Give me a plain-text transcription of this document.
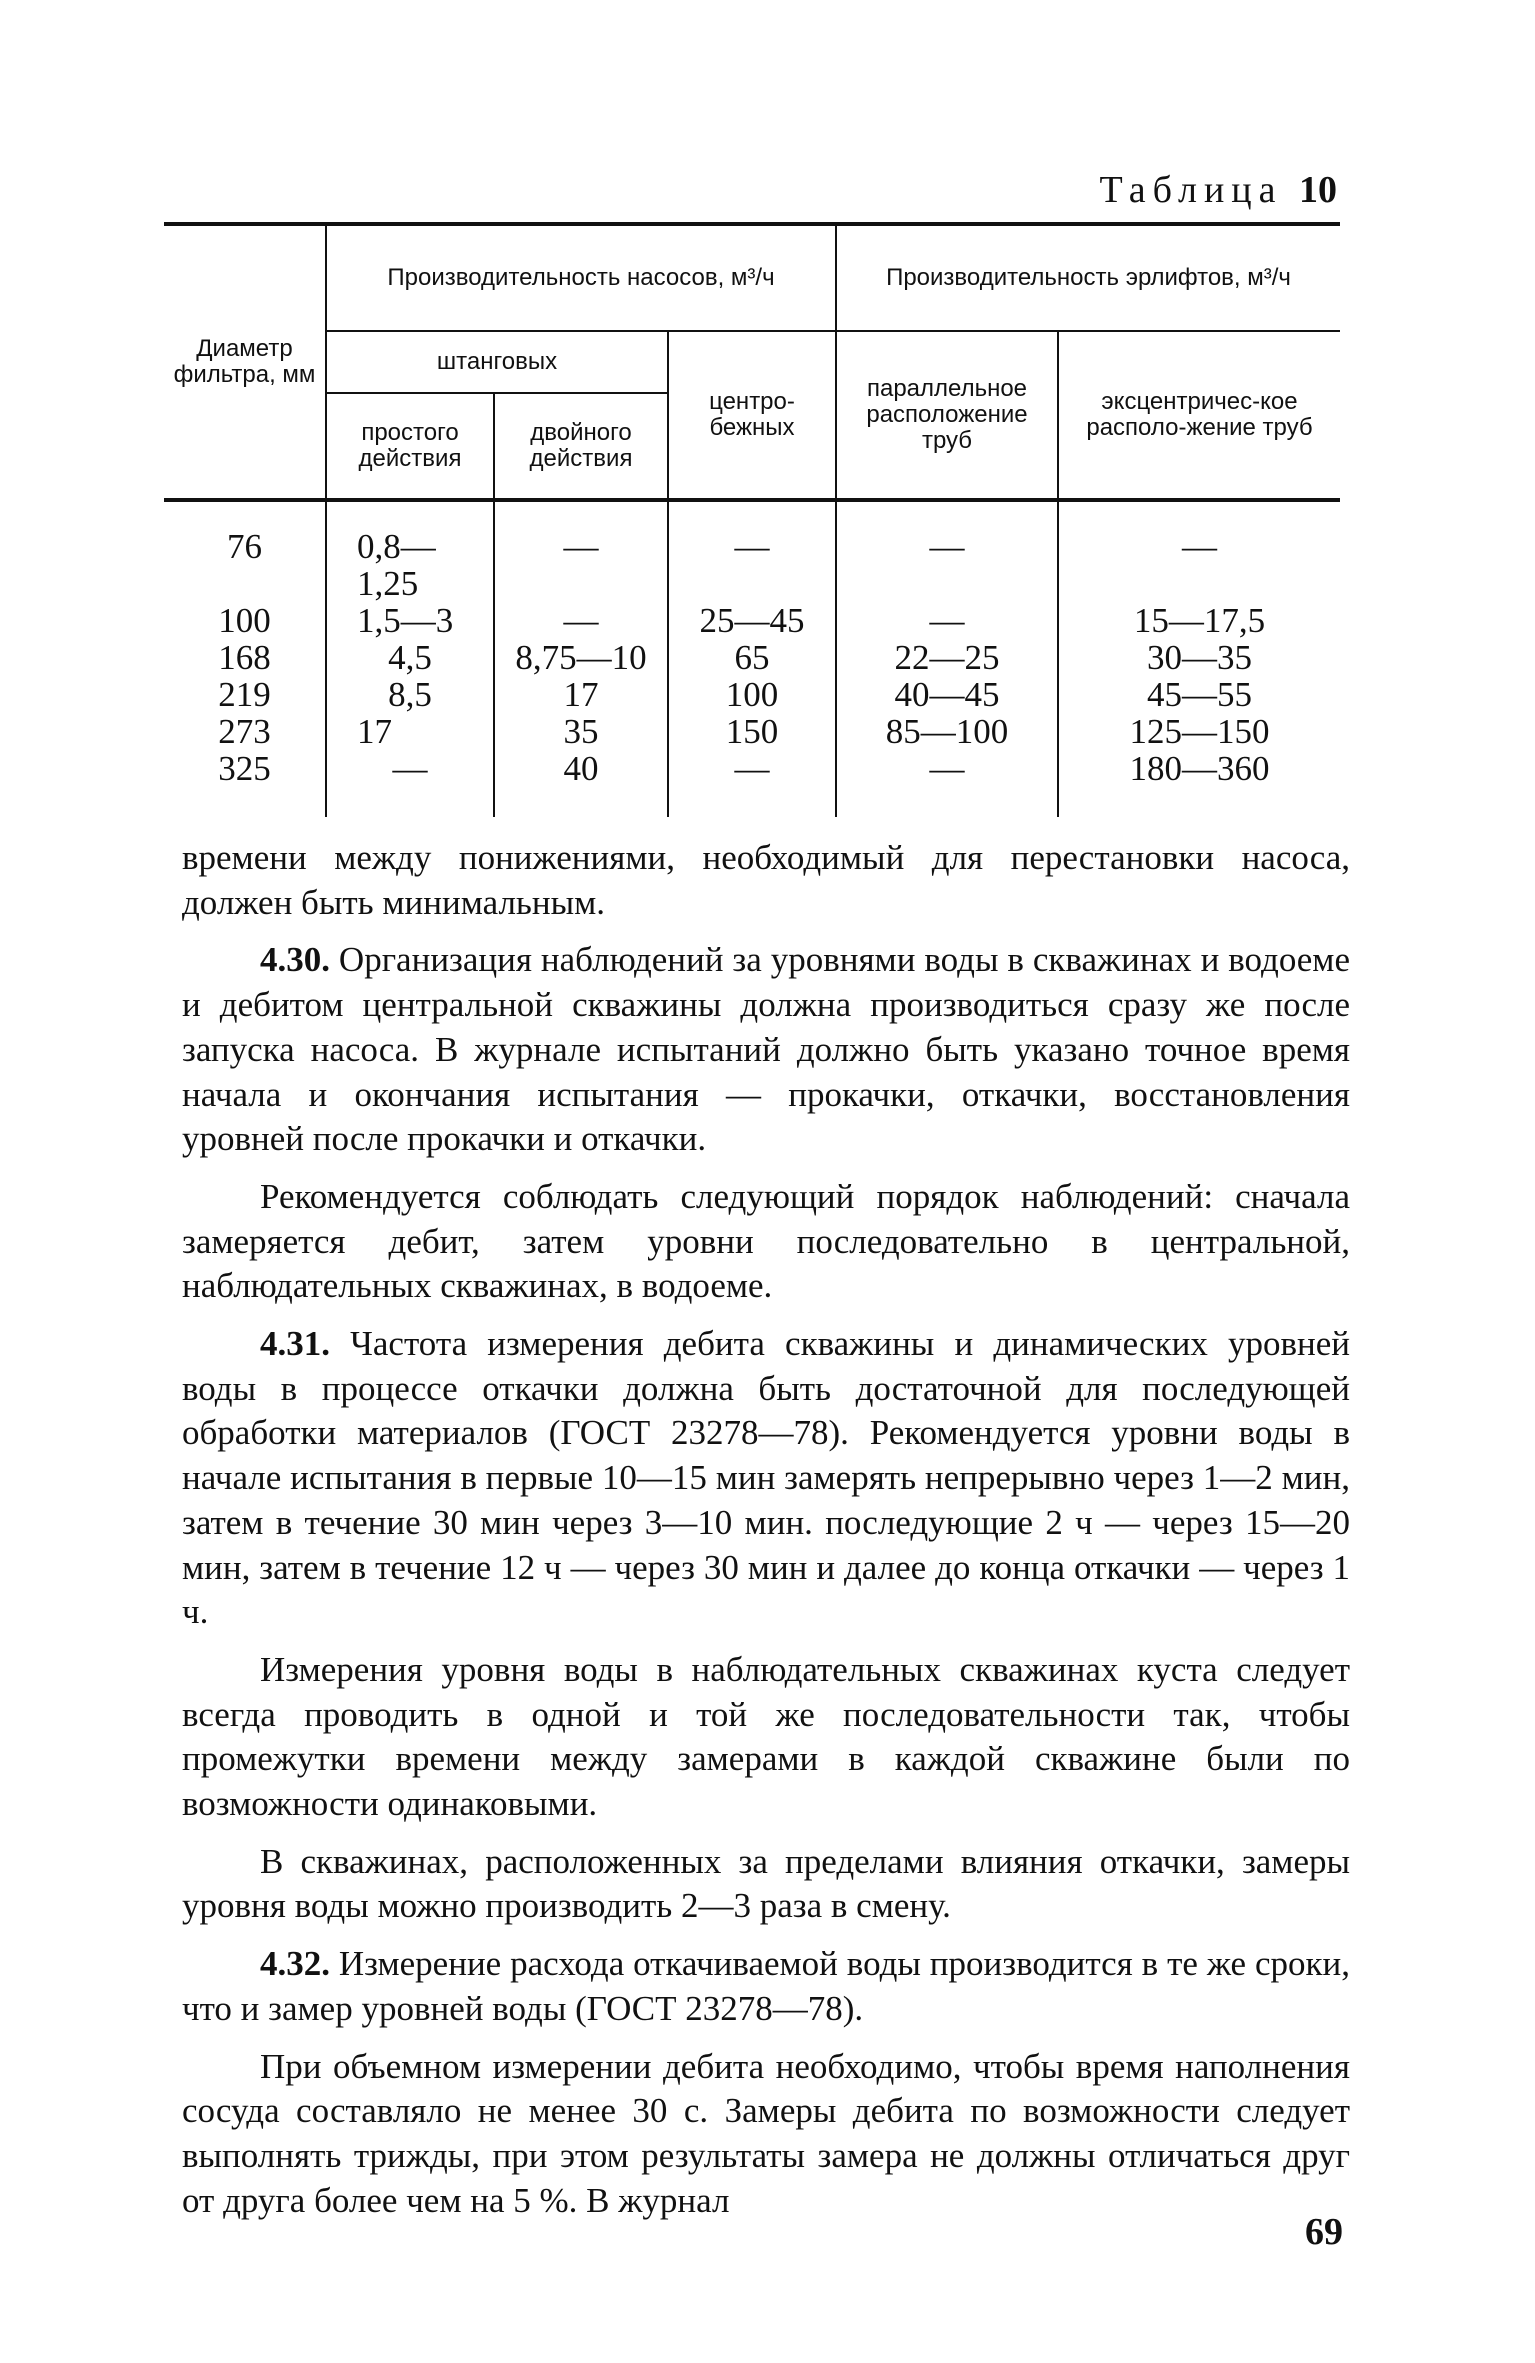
Таблица 10
Диаметр фильтра, мм	Производительность насосов, м³/ч			Производительность эрлифтов, м³/ч	
	штанговых		центро-бежных	параллельное расположение труб	эксцентричес-кое располо-жение труб
	простого действия	двойного действия			
76	0,8—1,25	—	—	—	—
100	1,5—3	—	25—45	—	15—17,5
168	4,5	8,75—10	65	22—25	30—35
219	8,5	17	100	40—45	45—55
273	17	35	150	85—100	125—150
325	—	40	—	—	180—360

времени между понижениями, необходимый для перестановки насоса, должен быть минимальным.

4.30. Организация наблюдений за уровнями воды в скважинах и водоеме и дебитом центральной скважины должна производиться сразу же после запуска насоса. В журнале испытаний должно быть указано точное время начала и окончания испытания — прокачки, откачки, восстановления уровней после прокачки и откачки.

Рекомендуется соблюдать следующий порядок наблюдений: сначала замеряется дебит, затем уровни последовательно в центральной, наблюдательных скважинах, в водоеме.

4.31. Частота измерения дебита скважины и динамических уровней воды в процессе откачки должна быть достаточной для последующей обработки материалов (ГОСТ 23278—78). Рекомендуется уровни воды в начале испытания в первые 10—15 мин замерять непрерывно через 1—2 мин, затем в течение 30 мин через 3—10 мин. последующие 2 ч — через 15—20 мин, затем в течение 12 ч — через 30 мин и далее до конца откачки — через 1 ч.

Измерения уровня воды в наблюдательных скважинах куста следует всегда проводить в одной и той же последовательности так, чтобы промежутки времени между замерами в каждой скважине были по возможности одинаковыми.

В скважинах, расположенных за пределами влияния откачки, замеры уровня воды можно производить 2—3 раза в смену.

4.32. Измерение расхода откачиваемой воды производится в те же сроки, что и замер уровней воды (ГОСТ 23278—78).

При объемном измерении дебита необходимо, чтобы время наполнения сосуда составляло не менее 30 с. Замеры дебита по возможности следует выполнять трижды, при этом результаты замера не должны отличаться друг от друга более чем на 5 %. В журнал

69
